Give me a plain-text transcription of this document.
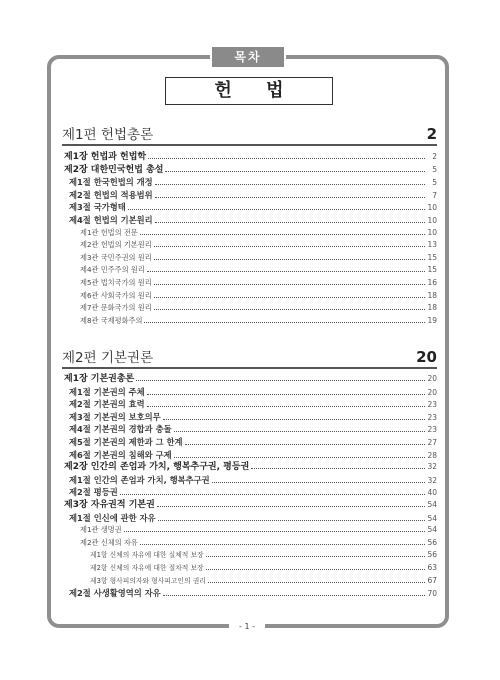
목차
헌 법
제1편 헌법총론	2
제1장 헌법과 헌법학	2
제2장 대한민국헌법 총설	5
제1절 한국헌법의 개정	5
제2절 헌법의 적용범위	7
제3절 국가형태	10
제4절 헌법의 기본원리	10
제1관 헌법의 전문	10
제2관 헌법의 기본원리	13
제3관 국민주권의 원리	15
제4관 민주주의 원리	15
제5관 법치국가의 원리	16
제6관 사회국가의 원리	18
제7관 문화국가의 원리	18
제8관 국제평화주의	19
제2편 기본권론	20
제1장 기본권총론	20
제1절 기본권의 주체	20
제2절 기본권의 효력	23
제3절 기본권의 보호의무	23
제4절 기본권의 경합과 충돌	23
제5절 기본권의 제한과 그 한계	27
제6절 기본권의 침해와 구제	28
제2장 인간의 존엄과 가치, 행복추구권, 평등권	32
제1절 인간의 존엄과 가치, 행복추구권	32
제2절 평등권	40
제3장 자유권적 기본권	54
제1절 인신에 관한 자유	54
제1관 생명권	54
제2관 신체의 자유	56
제1항 신체의 자유에 대한 실체적 보장	56
제2항 신체의 자유에 대한 절차적 보장	63
제3항 형사피의자와 형사피고인의 권리	67
제2절 사생활영역의 자유	70
- 1 -
